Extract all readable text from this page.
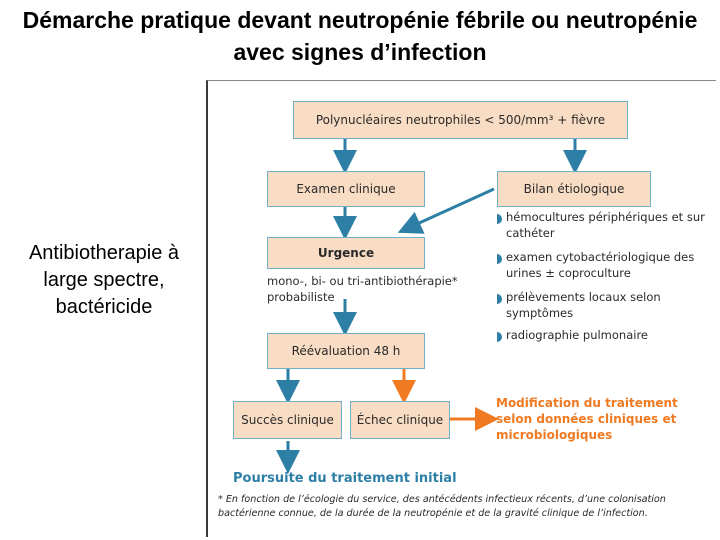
Démarche pratique devant neutropénie fébrile ou neutropénie avec signes d’infection
Antibiotherapie à large spectre, bactéricide
Polynucléaires neutrophiles < 500/mm³ + fièvre
Examen clinique	Bilan étiologique
hémocultures périphériques et sur cathéter
examen cytobactériologique des urines ± coproculture
prélèvements locaux selon symptômes
radiographie pulmonaire
Urgence
mono-, bi- ou tri-antibiothérapie* probabiliste
Réévaluation 48 h
Succès clinique Échec clinique
Modification du traitement selon données cliniques et microbiologiques
Poursuite du traitement initial
* En fonction de l’écologie du service, des antécédents infectieux récents, d’une colonisation bactérienne connue, de la durée de la neutropénie et de la gravité clinique de l’infection.
